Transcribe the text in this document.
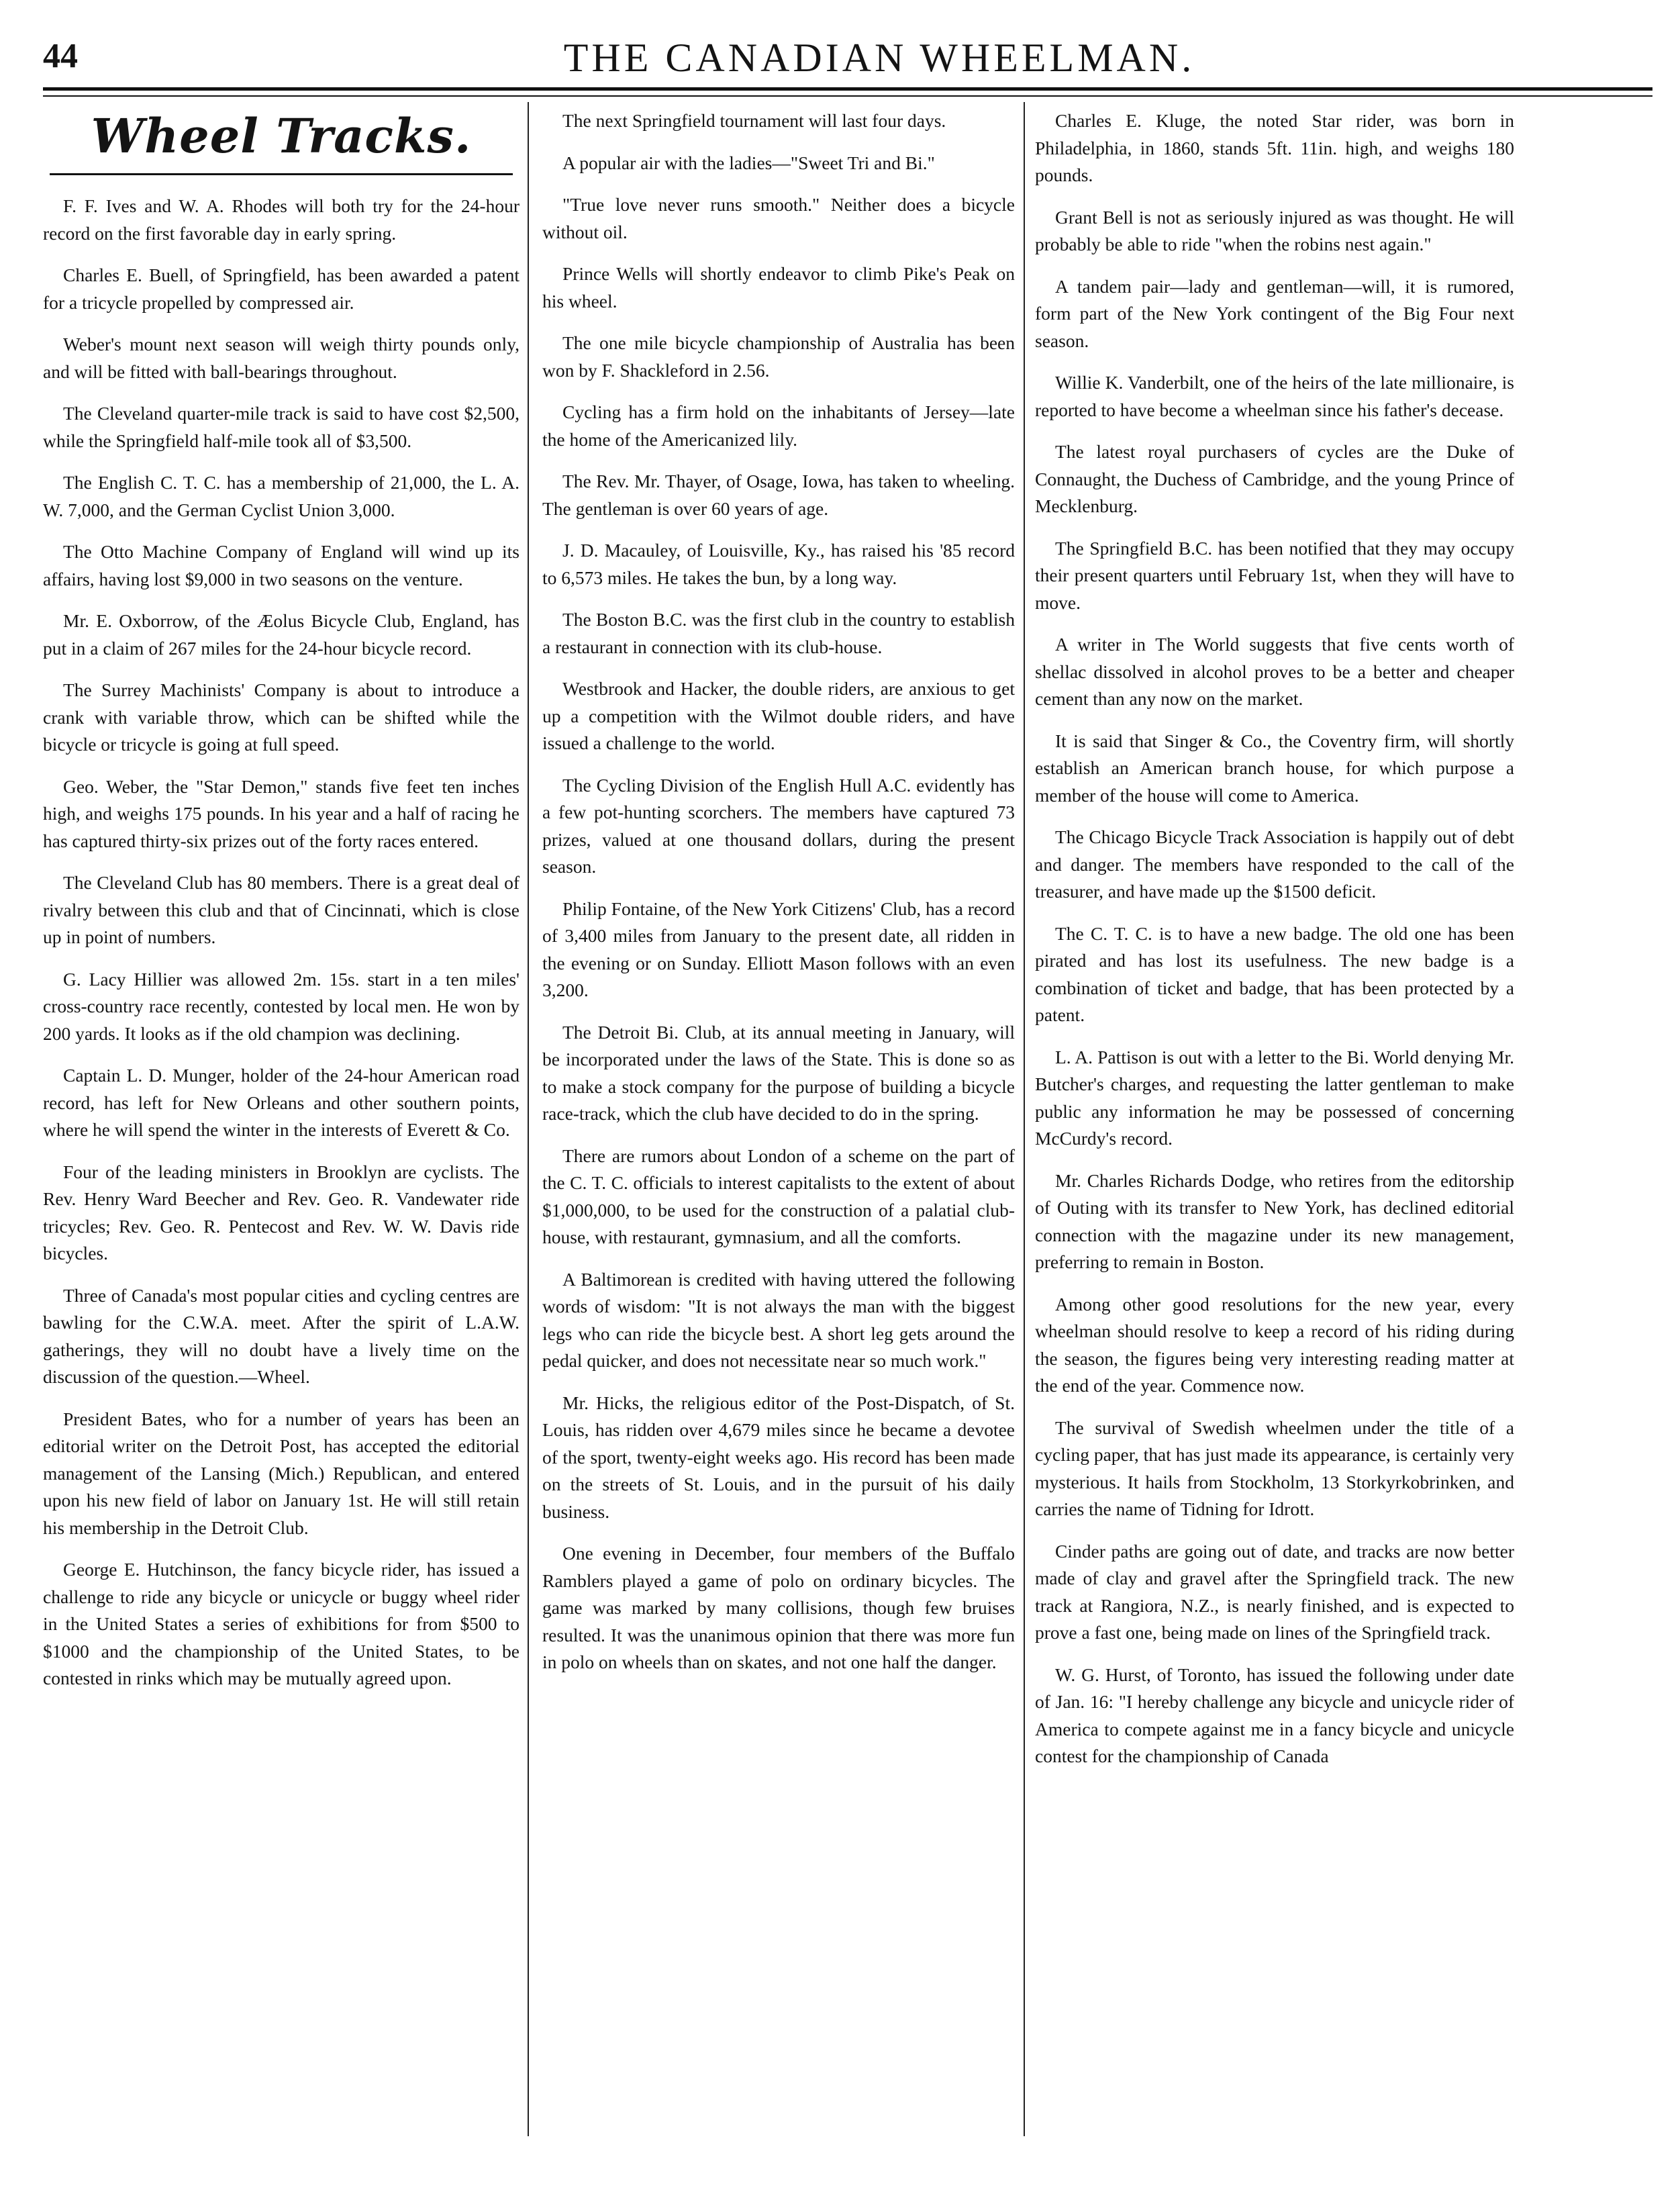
44	THE CANADIAN WHEELMAN.
Wheel Tracks.

F. F. Ives and W. A. Rhodes will both try for the 24-hour record on the first favorable day in early spring.

Charles E. Buell, of Springfield, has been awarded a patent for a tricycle propelled by compressed air.

Weber's mount next season will weigh thirty pounds only, and will be fitted with ball-bearings throughout.

The Cleveland quarter-mile track is said to have cost $2,500, while the Springfield half-mile took all of $3,500.

The English C. T. C. has a membership of 21,000, the L. A. W. 7,000, and the German Cyclist Union 3,000.

The Otto Machine Company of England will wind up its affairs, having lost $9,000 in two seasons on the venture.

Mr. E. Oxborrow, of the Æolus Bicycle Club, England, has put in a claim of 267 miles for the 24-hour bicycle record.

The Surrey Machinists' Company is about to introduce a crank with variable throw, which can be shifted while the bicycle or tricycle is going at full speed.

Geo. Weber, the "Star Demon," stands five feet ten inches high, and weighs 175 pounds. In his year and a half of racing he has captured thirty-six prizes out of the forty races entered.

The Cleveland Club has 80 members. There is a great deal of rivalry between this club and that of Cincinnati, which is close up in point of numbers.

G. Lacy Hillier was allowed 2m. 15s. start in a ten miles' cross-country race recently, contested by local men. He won by 200 yards. It looks as if the old champion was declining.

Captain L. D. Munger, holder of the 24-hour American road record, has left for New Orleans and other southern points, where he will spend the winter in the interests of Everett & Co.

Four of the leading ministers in Brooklyn are cyclists. The Rev. Henry Ward Beecher and Rev. Geo. R. Vandewater ride tricycles; Rev. Geo. R. Pentecost and Rev. W. W. Davis ride bicycles.

Three of Canada's most popular cities and cycling centres are bawling for the C.W.A. meet. After the spirit of L.A.W. gatherings, they will no doubt have a lively time on the discussion of the question.—Wheel.

President Bates, who for a number of years has been an editorial writer on the Detroit Post, has accepted the editorial management of the Lansing (Mich.) Republican, and entered upon his new field of labor on January 1st. He will still retain his membership in the Detroit Club.

George E. Hutchinson, the fancy bicycle rider, has issued a challenge to ride any bicycle or unicycle or buggy wheel rider in the United States a series of exhibitions for from $500 to $1000 and the championship of the United States, to be contested in rinks which may be mutually agreed upon.

The next Springfield tournament will last four days.

A popular air with the ladies—"Sweet Tri and Bi."

"True love never runs smooth." Neither does a bicycle without oil.

Prince Wells will shortly endeavor to climb Pike's Peak on his wheel.

The one mile bicycle championship of Australia has been won by F. Shackleford in 2.56.

Cycling has a firm hold on the inhabitants of Jersey—late the home of the Americanized lily.

The Rev. Mr. Thayer, of Osage, Iowa, has taken to wheeling. The gentleman is over 60 years of age.

J. D. Macauley, of Louisville, Ky., has raised his '85 record to 6,573 miles. He takes the bun, by a long way.

The Boston B.C. was the first club in the country to establish a restaurant in connection with its club-house.

Westbrook and Hacker, the double riders, are anxious to get up a competition with the Wilmot double riders, and have issued a challenge to the world.

The Cycling Division of the English Hull A.C. evidently has a few pot-hunting scorchers. The members have captured 73 prizes, valued at one thousand dollars, during the present season.

Philip Fontaine, of the New York Citizens' Club, has a record of 3,400 miles from January to the present date, all ridden in the evening or on Sunday. Elliott Mason follows with an even 3,200.

The Detroit Bi. Club, at its annual meeting in January, will be incorporated under the laws of the State. This is done so as to make a stock company for the purpose of building a bicycle race-track, which the club have decided to do in the spring.

There are rumors about London of a scheme on the part of the C. T. C. officials to interest capitalists to the extent of about $1,000,000, to be used for the construction of a palatial club-house, with restaurant, gymnasium, and all the comforts.

A Baltimorean is credited with having uttered the following words of wisdom: "It is not always the man with the biggest legs who can ride the bicycle best. A short leg gets around the pedal quicker, and does not necessitate near so much work."

Mr. Hicks, the religious editor of the Post-Dispatch, of St. Louis, has ridden over 4,679 miles since he became a devotee of the sport, twenty-eight weeks ago. His record has been made on the streets of St. Louis, and in the pursuit of his daily business.

One evening in December, four members of the Buffalo Ramblers played a game of polo on ordinary bicycles. The game was marked by many collisions, though few bruises resulted. It was the unanimous opinion that there was more fun in polo on wheels than on skates, and not one half the danger.

Charles E. Kluge, the noted Star rider, was born in Philadelphia, in 1860, stands 5ft. 11in. high, and weighs 180 pounds.

Grant Bell is not as seriously injured as was thought. He will probably be able to ride "when the robins nest again."

A tandem pair—lady and gentleman—will, it is rumored, form part of the New York contingent of the Big Four next season.

Willie K. Vanderbilt, one of the heirs of the late millionaire, is reported to have become a wheelman since his father's decease.

The latest royal purchasers of cycles are the Duke of Connaught, the Duchess of Cambridge, and the young Prince of Mecklenburg.

The Springfield B.C. has been notified that they may occupy their present quarters until February 1st, when they will have to move.

A writer in The World suggests that five cents worth of shellac dissolved in alcohol proves to be a better and cheaper cement than any now on the market.

It is said that Singer & Co., the Coventry firm, will shortly establish an American branch house, for which purpose a member of the house will come to America.

The Chicago Bicycle Track Association is happily out of debt and danger. The members have responded to the call of the treasurer, and have made up the $1500 deficit.

The C. T. C. is to have a new badge. The old one has been pirated and has lost its usefulness. The new badge is a combination of ticket and badge, that has been protected by a patent.

L. A. Pattison is out with a letter to the Bi. World denying Mr. Butcher's charges, and requesting the latter gentleman to make public any information he may be possessed of concerning McCurdy's record.

Mr. Charles Richards Dodge, who retires from the editorship of Outing with its transfer to New York, has declined editorial connection with the magazine under its new management, preferring to remain in Boston.

Among other good resolutions for the new year, every wheelman should resolve to keep a record of his riding during the season, the figures being very interesting reading matter at the end of the year. Commence now.

The survival of Swedish wheelmen under the title of a cycling paper, that has just made its appearance, is certainly very mysterious. It hails from Stockholm, 13 Storkyrkobrinken, and carries the name of Tidning for Idrott.

Cinder paths are going out of date, and tracks are now better made of clay and gravel after the Springfield track. The new track at Rangiora, N.Z., is nearly finished, and is expected to prove a fast one, being made on lines of the Springfield track.

W. G. Hurst, of Toronto, has issued the following under date of Jan. 16: "I hereby challenge any bicycle and unicycle rider of America to compete against me in a fancy bicycle and unicycle contest for the championship of Canada
